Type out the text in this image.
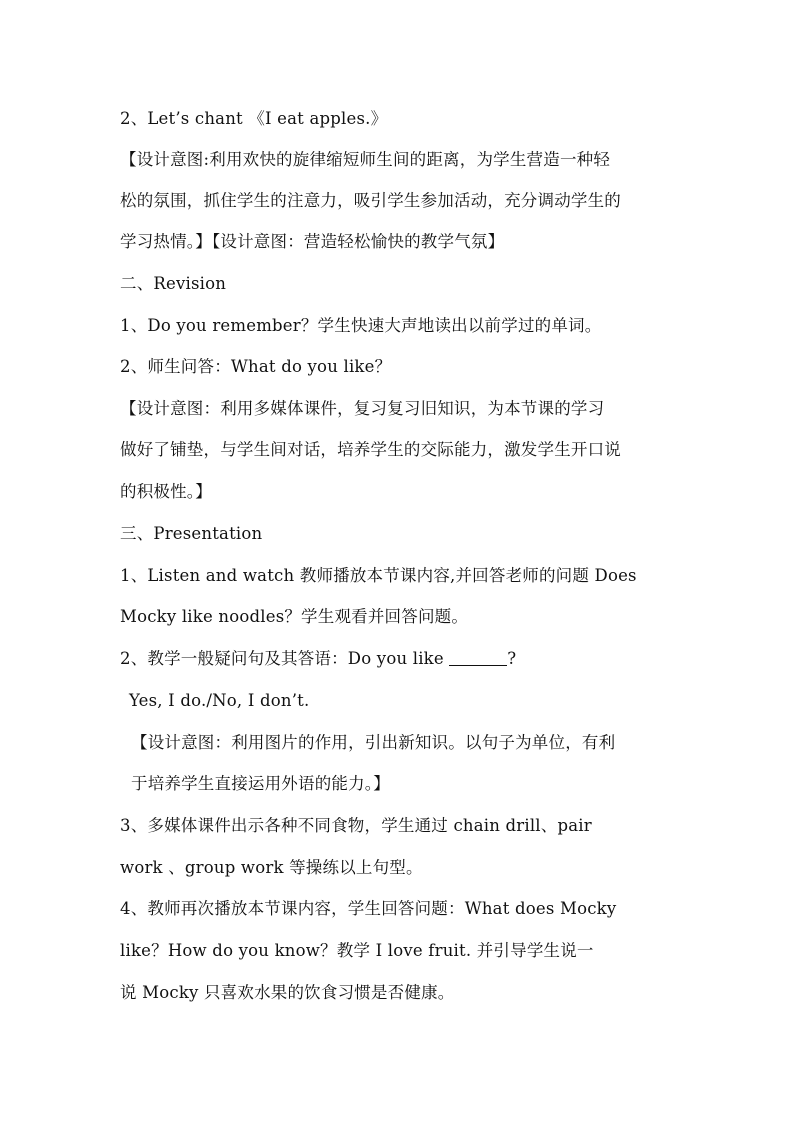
2、Let’s chant 《I eat apples.》
【设计意图:利用欢快的旋律缩短师生间的距离，为学生营造一种轻
松的氛围，抓住学生的注意力，吸引学生参加活动，充分调动学生的
学习热情。】【设计意图：营造轻松愉快的教学气氛】
二、Revision
1、Do you remember？学生快速大声地读出以前学过的单词。
2、师生问答：What do you like？
【设计意图：利用多媒体课件，复习复习旧知识，为本节课的学习
做好了铺垫，与学生间对话，培养学生的交际能力，激发学生开口说
的积极性。】
三、Presentation
1、Listen and watch 教师播放本节课内容,并回答老师的问题 Does
Mocky like noodles？学生观看并回答问题。
2、教学一般疑问句及其答语：Do you like	?
Yes, I do./No, I don’t.
【设计意图：利用图片的作用，引出新知识。以句子为单位，有利
于培养学生直接运用外语的能力。】
3、多媒体课件出示各种不同食物，学生通过 chain drill、pair
work 、group work 等操练以上句型。
4、教师再次播放本节课内容，学生回答问题：What does Mocky
like？How do you know？教学 I love fruit. 并引导学生说一
说 Mocky 只喜欢水果的饮食习惯是否健康。
